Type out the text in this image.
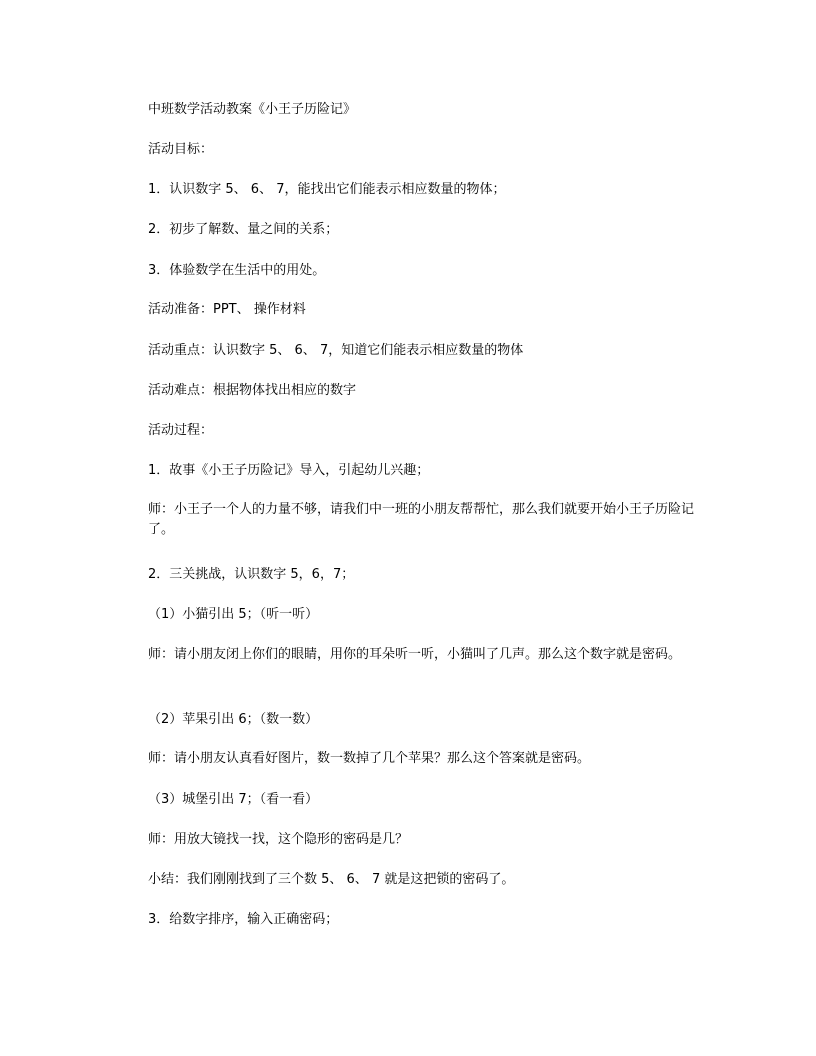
中班数学活动教案《小王子历险记》

活动目标：

1．认识数字 5、 6、 7，能找出它们能表示相应数量的物体；

2．初步了解数、量之间的关系；

3．体验数学在生活中的用处。

活动准备：PPT、 操作材料

活动重点：认识数字 5、 6、 7，知道它们能表示相应数量的物体

活动难点：根据物体找出相应的数字

活动过程：

1．故事《小王子历险记》导入，引起幼儿兴趣；

师：小王子一个人的力量不够，请我们中一班的小朋友帮帮忙，那么我们就要开始小王子历险记了。

2．三关挑战，认识数字 5，6，7；

（1）小猫引出 5；（听一听）

师：请小朋友闭上你们的眼睛，用你的耳朵听一听，小猫叫了几声。那么这个数字就是密码。

（2）苹果引出 6；（数一数）

师：请小朋友认真看好图片，数一数掉了几个苹果？那么这个答案就是密码。

（3）城堡引出 7；（看一看）

师：用放大镜找一找，这个隐形的密码是几？

小结：我们刚刚找到了三个数 5、 6、 7 就是这把锁的密码了。

3．给数字排序，输入正确密码；
